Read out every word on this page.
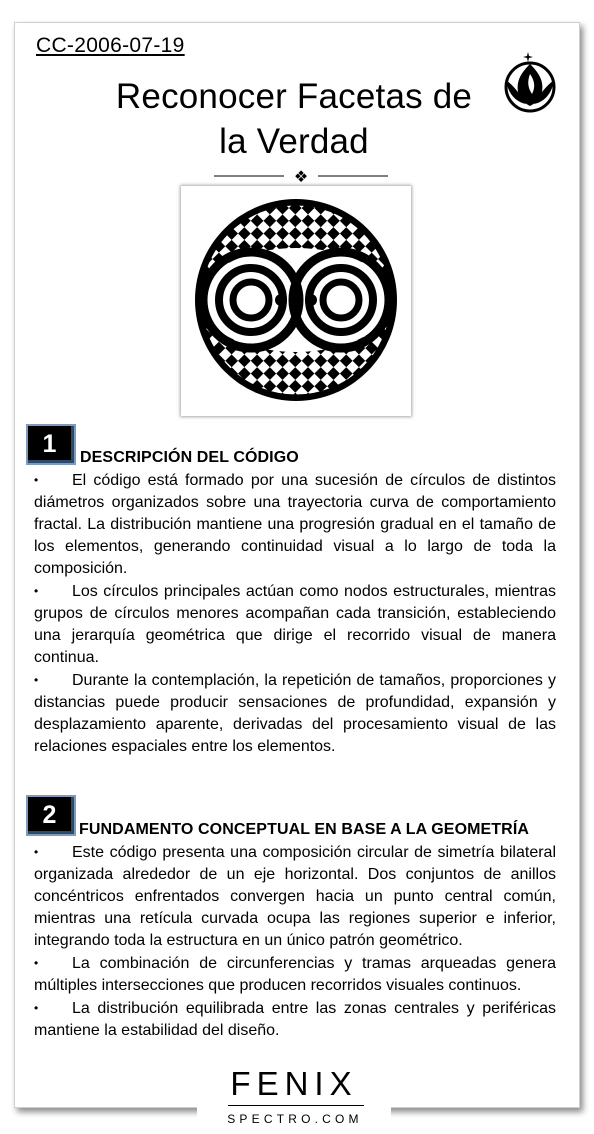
CC-2006-07-19
Reconocer Facetas de la Verdad
❖
1	DESCRIPCIÓN DEL CÓDIGO

• El código está formado por una sucesión de círculos de distintos diámetros organizados sobre una trayectoria curva de comportamiento fractal. La distribución mantiene una progresión gradual en el tamaño de los elementos, generando continuidad visual a lo largo de toda la composición.

• Los círculos principales actúan como nodos estructurales, mientras grupos de círculos menores acompañan cada transición, estableciendo una jerarquía geométrica que dirige el recorrido visual de manera continua.

• Durante la contemplación, la repetición de tamaños, proporciones y distancias puede producir sensaciones de profundidad, expansión y desplazamiento aparente, derivadas del procesamiento visual de las relaciones espaciales entre los elementos.

2
FUNDAMENTO CONCEPTUAL EN BASE A LA GEOMETRÍA

• Este código presenta una composición circular de simetría bilateral organizada alrededor de un eje horizontal. Dos conjuntos de anillos concéntricos enfrentados convergen hacia un punto central común, mientras una retícula curvada ocupa las regiones superior e inferior, integrando toda la estructura en un único patrón geométrico.

• La combinación de circunferencias y tramas arqueadas genera múltiples intersecciones que producen recorridos visuales continuos.

• La distribución equilibrada entre las zonas centrales y periféricas mantiene la estabilidad del diseño.

FENIX
SPECTRO.COM
